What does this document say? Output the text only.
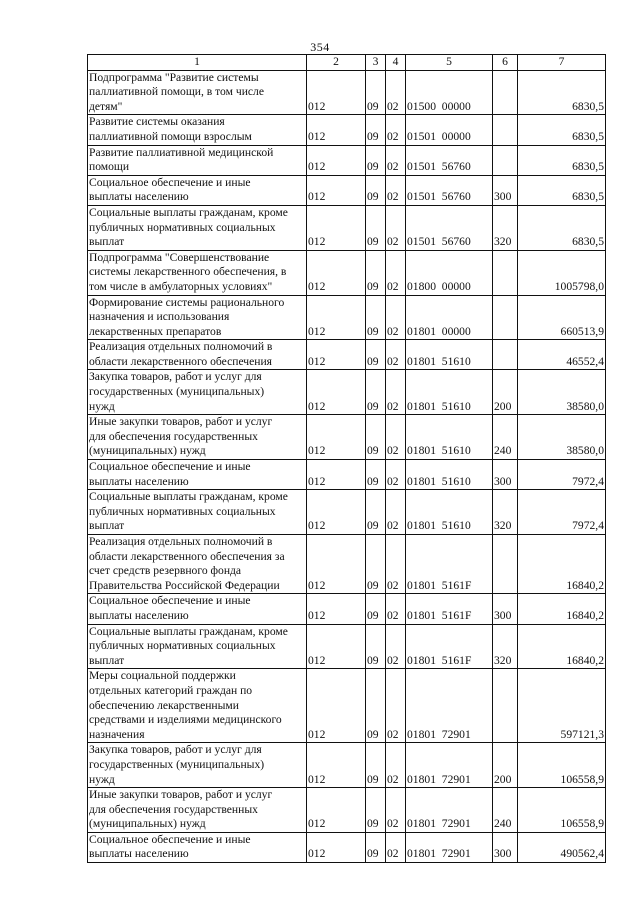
354
1	2	3	4	5	6	7
Подпрограмма "Развитие системы
паллиативной помощи, в том числе
детям"	012	09	02	01500  00000		6830,5
Развитие системы оказания
паллиативной помощи взрослым	012	09	02	01501  00000		6830,5
Развитие паллиативной медицинской
помощи	012	09	02	01501  56760		6830,5
Социальное обеспечение и иные
выплаты населению	012	09	02	01501  56760	300	6830,5
Социальные выплаты гражданам, кроме
публичных нормативных социальных
выплат	012	09	02	01501  56760	320	6830,5
Подпрограмма "Совершенствование
системы лекарственного обеспечения, в
том числе в амбулаторных условиях"	012	09	02	01800  00000		1005798,0
Формирование системы рационального
назначения и использования
лекарственных препаратов	012	09	02	01801  00000		660513,9
Реализация отдельных полномочий в
области лекарственного обеспечения	012	09	02	01801  51610		46552,4
Закупка товаров, работ и услуг для
государственных (муниципальных)
нужд	012	09	02	01801  51610	200	38580,0
Иные закупки товаров, работ и услуг
для обеспечения государственных
(муниципальных) нужд	012	09	02	01801  51610	240	38580,0
Социальное обеспечение и иные
выплаты населению	012	09	02	01801  51610	300	7972,4
Социальные выплаты гражданам, кроме
публичных нормативных социальных
выплат	012	09	02	01801  51610	320	7972,4
Реализация отдельных полномочий в
области лекарственного обеспечения за
счет средств резервного фонда
Правительства Российской Федерации	012	09	02	01801  5161F		16840,2
Социальное обеспечение и иные
выплаты населению	012	09	02	01801  5161F	300	16840,2
Социальные выплаты гражданам, кроме
публичных нормативных социальных
выплат	012	09	02	01801  5161F	320	16840,2
Меры социальной поддержки
отдельных категорий граждан по
обеспечению лекарственными
средствами и изделиями медицинского
назначения	012	09	02	01801  72901		597121,3
Закупка товаров, работ и услуг для
государственных (муниципальных)
нужд	012	09	02	01801  72901	200	106558,9
Иные закупки товаров, работ и услуг
для обеспечения государственных
(муниципальных) нужд	012	09	02	01801  72901	240	106558,9
Социальное обеспечение и иные
выплаты населению	012	09	02	01801  72901	300	490562,4
